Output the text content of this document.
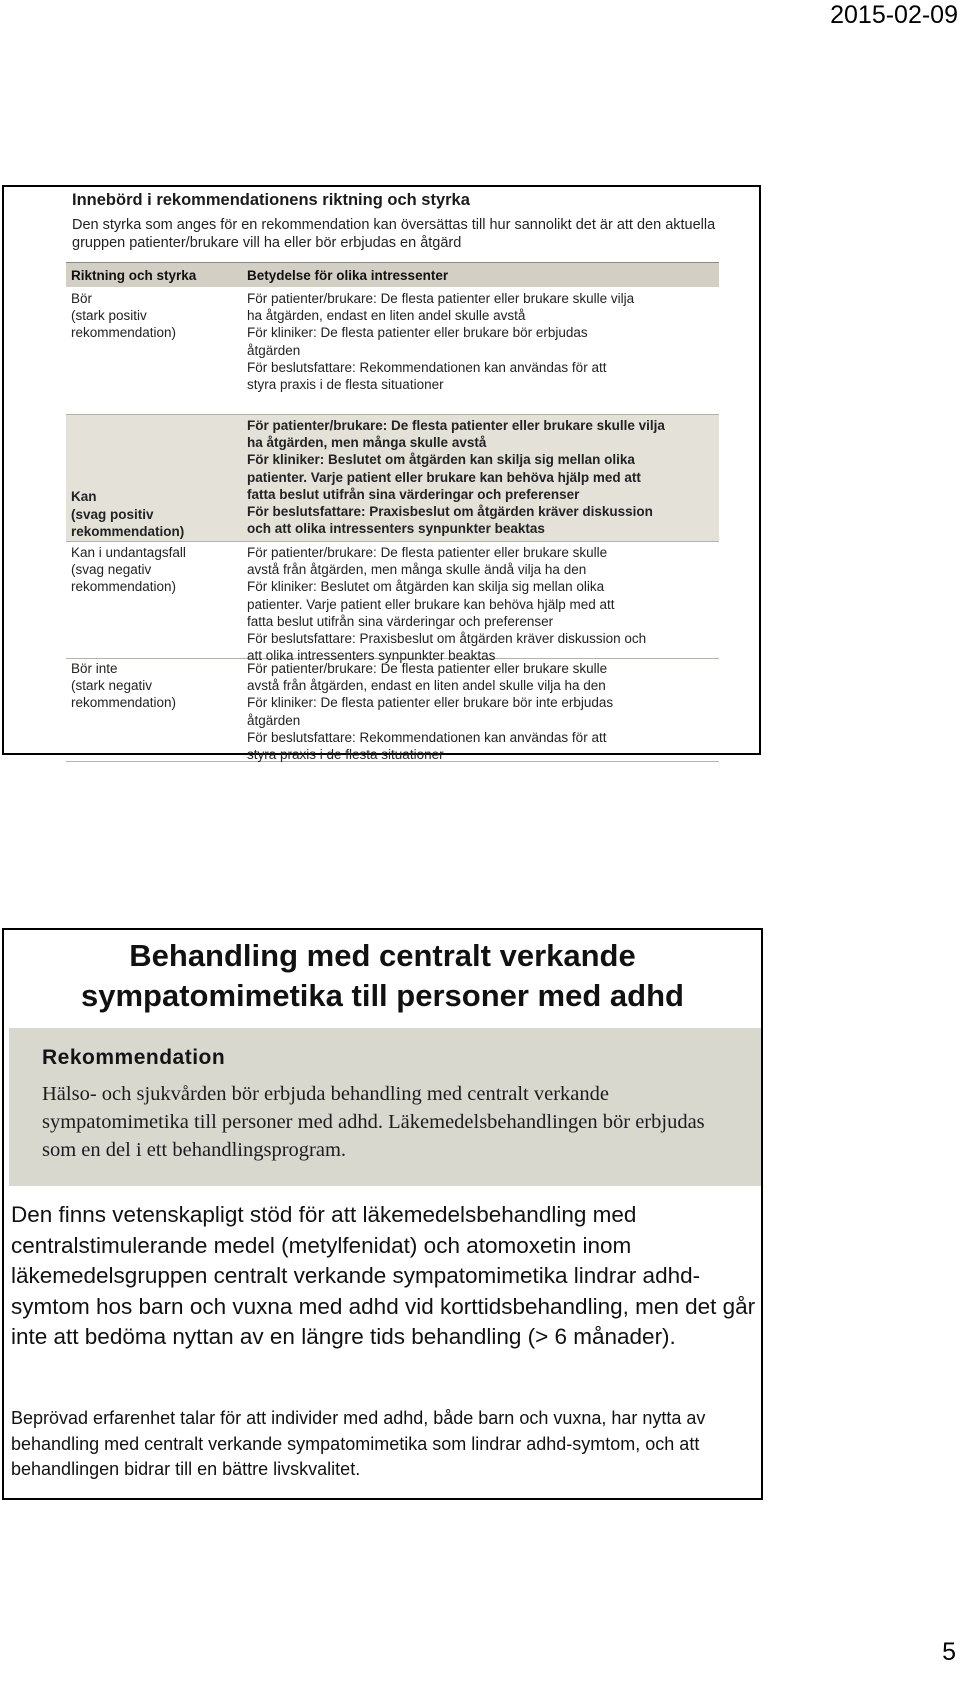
2015-02-09
Innebörd i rekommendationens riktning och styrka
Den styrka som anges för en rekommendation kan översättas till hur sannolikt det är att den aktuella gruppen patienter/brukare vill ha eller bör erbjudas en åtgärd
Riktning och styrka	Betydelse för olika intressenter
Bör
(stark positiv
rekommendation)
För patienter/brukare: De flesta patienter eller brukare skulle vilja
ha åtgärden, endast en liten andel skulle avstå
För kliniker: De flesta patienter eller brukare bör erbjudas
åtgärden
För beslutsfattare: Rekommendationen kan användas för att
styra praxis i de flesta situationer
Kan
(svag positiv
rekommendation)
För patienter/brukare: De flesta patienter eller brukare skulle vilja
ha åtgärden, men många skulle avstå
För kliniker: Beslutet om åtgärden kan skilja sig mellan olika
patienter. Varje patient eller brukare kan behöva hjälp med att
fatta beslut utifrån sina värderingar och preferenser
För beslutsfattare: Praxisbeslut om åtgärden kräver diskussion
och att olika intressenters synpunkter beaktas
Kan i undantagsfall
(svag negativ
rekommendation)
För patienter/brukare: De flesta patienter eller brukare skulle
avstå från åtgärden, men många skulle ändå vilja ha den
För kliniker: Beslutet om åtgärden kan skilja sig mellan olika
patienter. Varje patient eller brukare kan behöva hjälp med att
fatta beslut utifrån sina värderingar och preferenser
För beslutsfattare: Praxisbeslut om åtgärden kräver diskussion och
att olika intressenters synpunkter beaktas
Bör inte
(stark negativ
rekommendation)
För patienter/brukare: De flesta patienter eller brukare skulle
avstå från åtgärden, endast en liten andel skulle vilja ha den
För kliniker: De flesta patienter eller brukare bör inte erbjudas
åtgärden
För beslutsfattare: Rekommendationen kan användas för att
styra praxis i de flesta situationer
Behandling med centralt verkande
sympatomimetika till personer med adhd
Rekommendation
Hälso- och sjukvården bör erbjuda behandling med centralt verkande sympatomimetika till personer med adhd. Läkemedelsbehandlingen bör erbjudas som en del i ett behandlingsprogram.
Den finns vetenskapligt stöd för att läkemedelsbehandling med centralstimulerande medel (metylfenidat) och atomoxetin inom läkemedelsgruppen centralt verkande sympatomimetika lindrar adhd-symtom hos barn och vuxna med adhd vid korttidsbehandling, men det går inte att bedöma nyttan av en längre tids behandling (> 6 månader).
Beprövad erfarenhet talar för att individer med adhd, både barn och vuxna, har nytta av behandling med centralt verkande sympatomimetika som lindrar adhd-symtom, och att behandlingen bidrar till en bättre livskvalitet.
5
